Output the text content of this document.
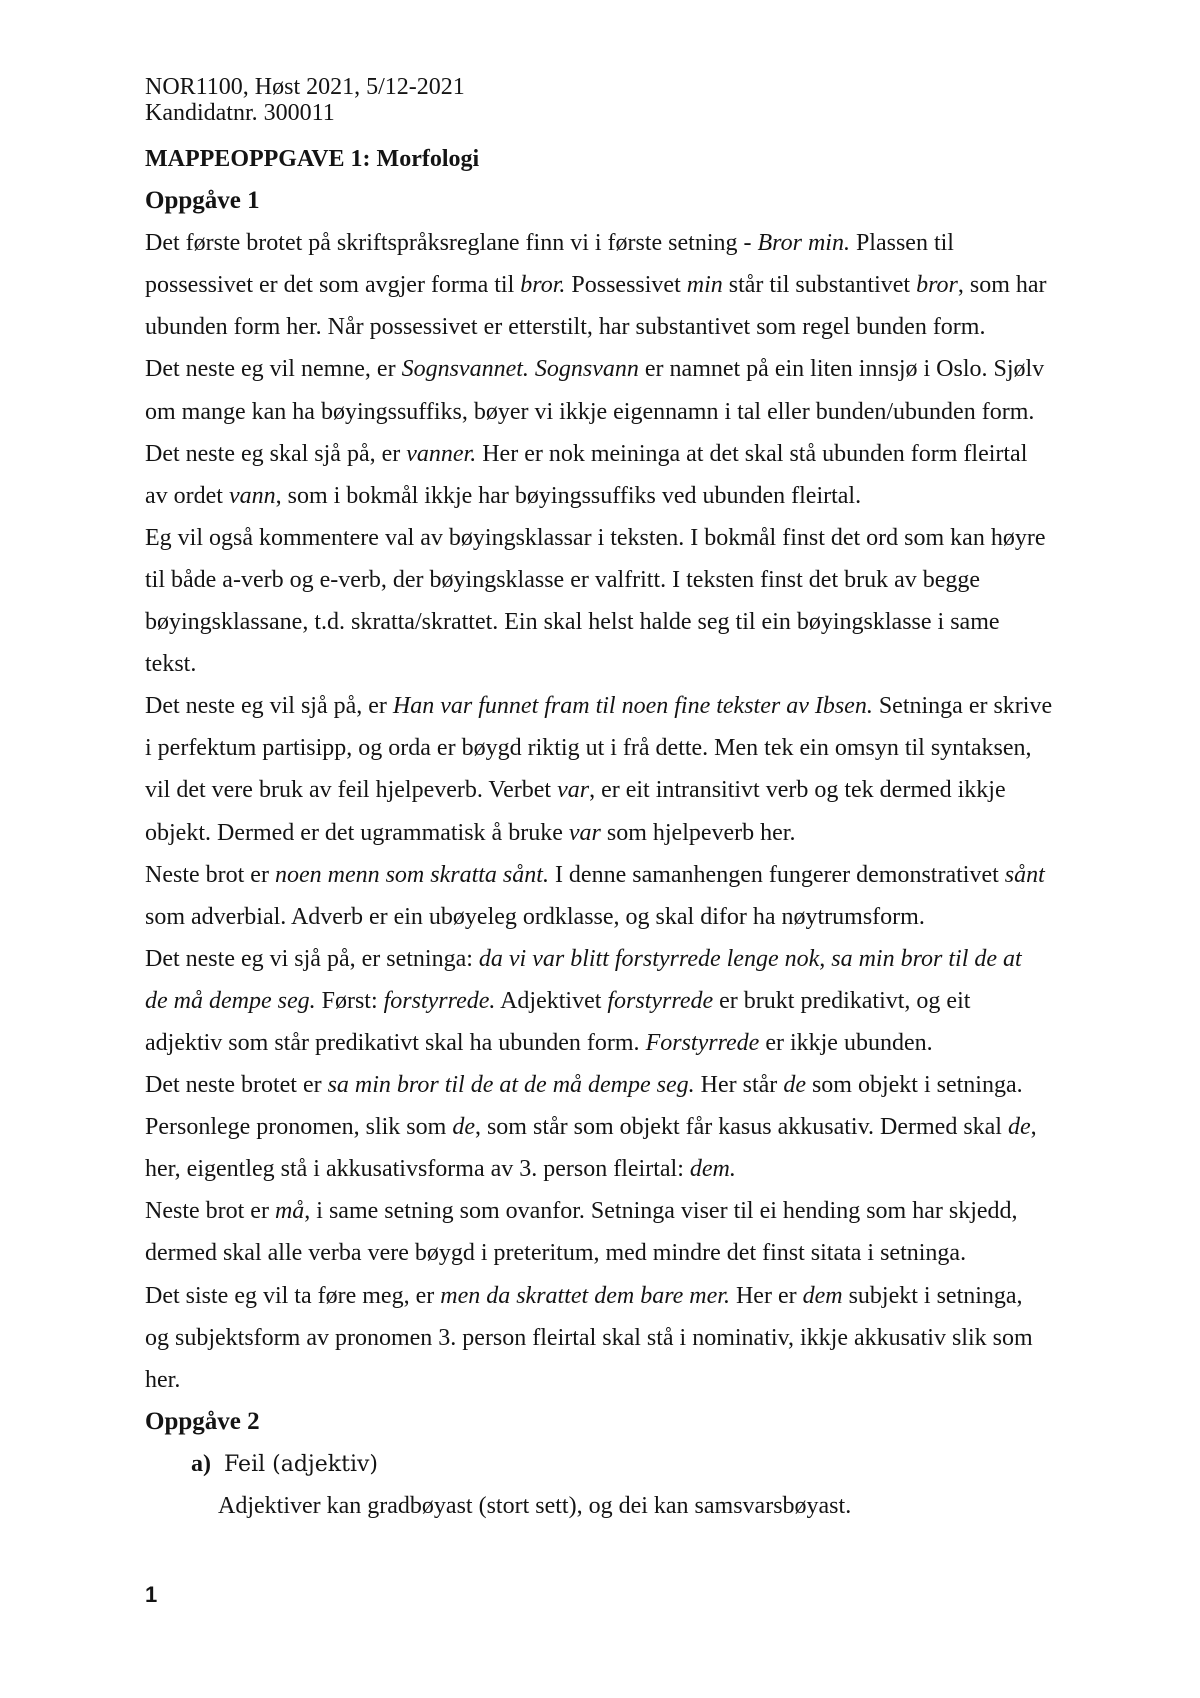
NOR1100, Høst 2021, 5/12-2021
Kandidatnr. 300011
MAPPEOPPGAVE 1: Morfologi
Oppgåve 1
Det første brotet på skriftspråksreglane finn vi i første setning - Bror min. Plassen til
possessivet er det som avgjer forma til bror. Possessivet min står til substantivet bror, som har
ubunden form her. Når possessivet er etterstilt, har substantivet som regel bunden form.
Det neste eg vil nemne, er Sognsvannet. Sognsvann er namnet på ein liten innsjø i Oslo. Sjølv
om mange kan ha bøyingssuffiks, bøyer vi ikkje eigennamn i tal eller bunden/ubunden form.
Det neste eg skal sjå på, er vanner. Her er nok meininga at det skal stå ubunden form fleirtal
av ordet vann, som i bokmål ikkje har bøyingssuffiks ved ubunden fleirtal.
Eg vil også kommentere val av bøyingsklassar i teksten. I bokmål finst det ord som kan høyre
til både a-verb og e-verb, der bøyingsklasse er valfritt. I teksten finst det bruk av begge
bøyingsklassane, t.d. skratta/skrattet. Ein skal helst halde seg til ein bøyingsklasse i same
tekst.
Det neste eg vil sjå på, er Han var funnet fram til noen fine tekster av Ibsen. Setninga er skrive
i perfektum partisipp, og orda er bøygd riktig ut i frå dette. Men tek ein omsyn til syntaksen,
vil det vere bruk av feil hjelpeverb. Verbet var, er eit intransitivt verb og tek dermed ikkje
objekt. Dermed er det ugrammatisk å bruke var som hjelpeverb her.
Neste brot er noen menn som skratta sånt. I denne samanhengen fungerer demonstrativet sånt
som adverbial. Adverb er ein ubøyeleg ordklasse, og skal difor ha nøytrumsform.
Det neste eg vi sjå på, er setninga: da vi var blitt forstyrrede lenge nok, sa min bror til de at
de må dempe seg. Først: forstyrrede. Adjektivet forstyrrede er brukt predikativt, og eit
adjektiv som står predikativt skal ha ubunden form. Forstyrrede er ikkje ubunden.
Det neste brotet er sa min bror til de at de må dempe seg. Her står de som objekt i setninga.
Personlege pronomen, slik som de, som står som objekt får kasus akkusativ. Dermed skal de,
her, eigentleg stå i akkusativsforma av 3. person fleirtal: dem.
Neste brot er må, i same setning som ovanfor. Setninga viser til ei hending som har skjedd,
dermed skal alle verba vere bøygd i preteritum, med mindre det finst sitata i setninga.
Det siste eg vil ta føre meg, er men da skrattet dem bare mer. Her er dem subjekt i setninga,
og subjektsform av pronomen 3. person fleirtal skal stå i nominativ, ikkje akkusativ slik som
her.
Oppgåve 2
a) Feil (adjektiv)
Adjektiver kan gradbøyast (stort sett), og dei kan samsvarsbøyast.
1
